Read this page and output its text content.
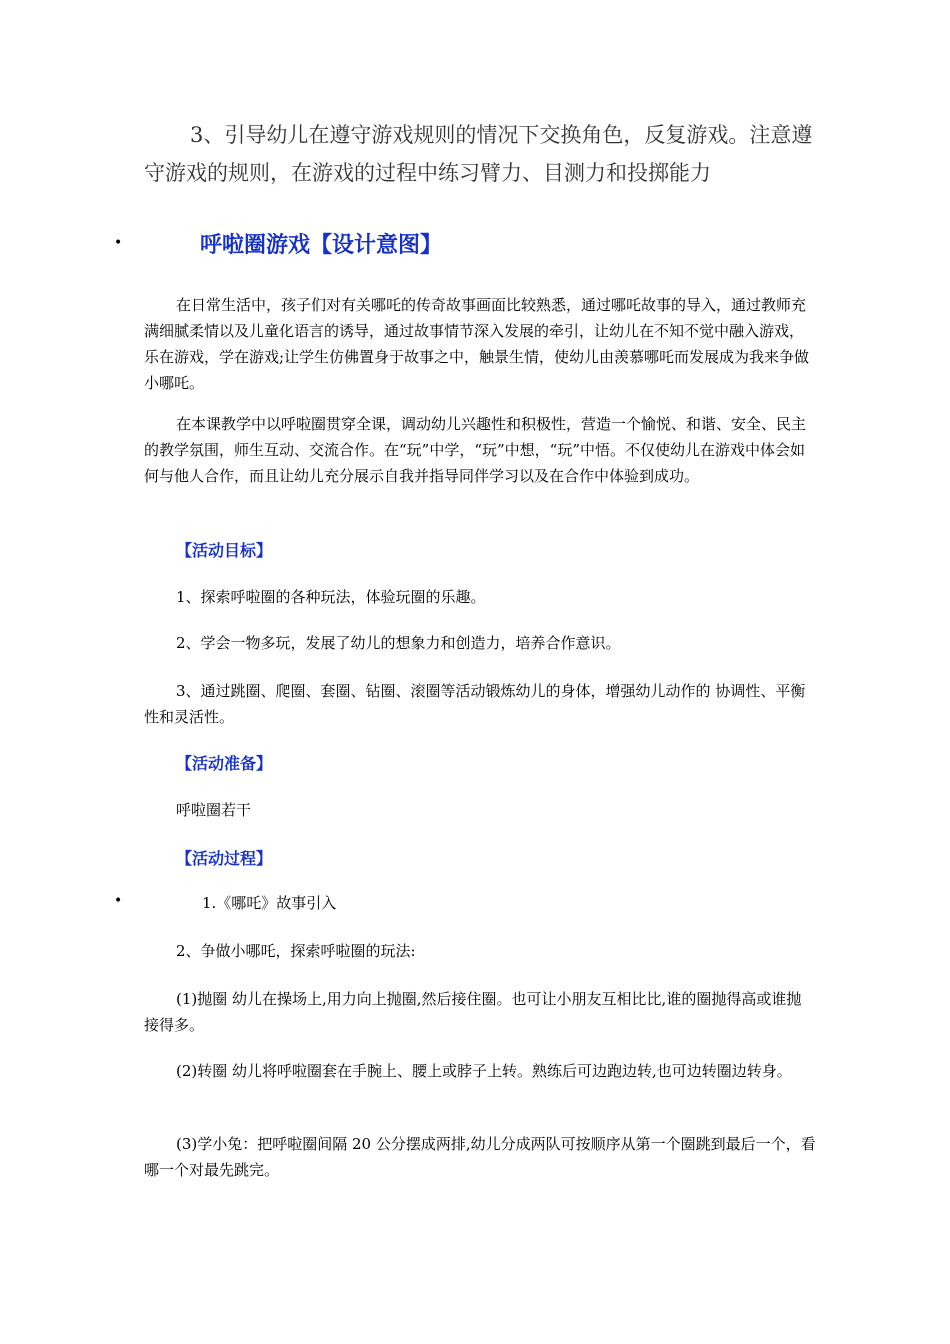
3、引导幼儿在遵守游戏规则的情况下交换角色，反复游戏。注意遵守游戏的规则，在游戏的过程中练习臂力、目测力和投掷能力

•	呼啦圈游戏【设计意图】

在日常生活中，孩子们对有关哪吒的传奇故事画面比较熟悉，通过哪吒故事的导入，通过教师充满细腻柔情以及儿童化语言的诱导，通过故事情节深入发展的牵引，让幼儿在不知不觉中融入游戏，乐在游戏，学在游戏;让学生仿佛置身于故事之中，触景生情，使幼儿由羡慕哪吒而发展成为我来争做小哪吒。

在本课教学中以呼啦圈贯穿全课，调动幼儿兴趣性和积极性，营造一个愉悦、和谐、安全、民主的教学氛围，师生互动、交流合作。在“玩”中学，“玩”中想，“玩”中悟。不仅使幼儿在游戏中体会如何与他人合作，而且让幼儿充分展示自我并指导同伴学习以及在合作中体验到成功。

【活动目标】

1、探索呼啦圈的各种玩法，体验玩圈的乐趣。

2、学会一物多玩，发展了幼儿的想象力和创造力，培养合作意识。

3、通过跳圈、爬圈、套圈、钻圈、滚圈等活动锻炼幼儿的身体，增强幼儿动作的 协调性、平衡性和灵活性。

【活动准备】

呼啦圈若干

【活动过程】
•	1.《哪吒》故事引入

2、争做小哪吒，探索呼啦圈的玩法:

(1)抛圈 幼儿在操场上,用力向上抛圈,然后接住圈。也可让小朋友互相比比,谁的圈抛得高或谁抛接得多。

(2)转圈 幼儿将呼啦圈套在手腕上、腰上或脖子上转。熟练后可边跑边转,也可边转圈边转身。

(3)学小兔：把呼啦圈间隔 20 公分摆成两排,幼儿分成两队可按顺序从第一个圈跳到最后一个，看哪一个对最先跳完。
